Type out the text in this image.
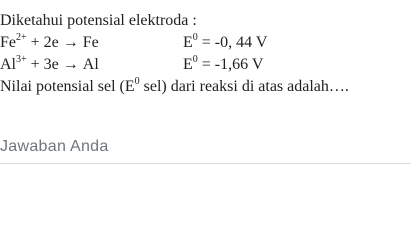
Diketahui potensial elektroda :
$Fe^{2+} + 2e \to Fe$	$E^0 = -0$, 44 V
$Al^{3+} + 3e \to Al$	$E^0 = -1,66$ V
Nilai potensial sel ($E^0$ sel) dari reaksi di atas adalah….
Jawaban Anda
